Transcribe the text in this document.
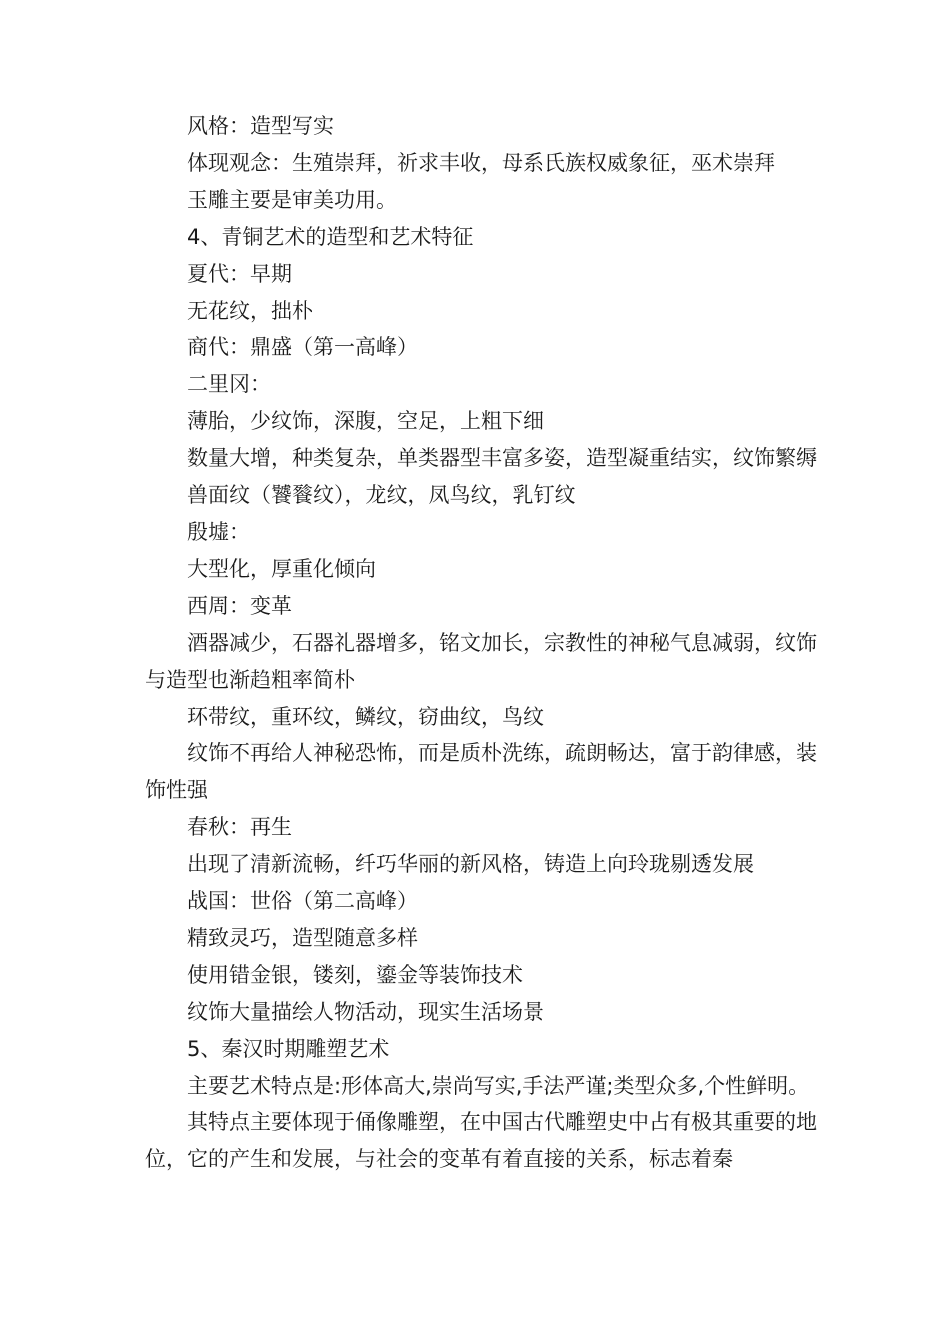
风格：造型写实

体现观念：生殖崇拜，祈求丰收，母系氏族权威象征，巫术崇拜

玉雕主要是审美功用。

4、青铜艺术的造型和艺术特征

夏代：早期

无花纹，拙朴

商代：鼎盛（第一高峰）

二里冈：

薄胎，少纹饰，深腹，空足，上粗下细

数量大增，种类复杂，单类器型丰富多姿，造型凝重结实，纹饰繁缛

兽面纹（饕餮纹），龙纹，凤鸟纹，乳钉纹

殷墟：

大型化，厚重化倾向

西周：变革

酒器减少，石器礼器增多，铭文加长，宗教性的神秘气息减弱，纹饰与造型也渐趋粗率简朴

环带纹，重环纹，鳞纹，窃曲纹，鸟纹

纹饰不再给人神秘恐怖，而是质朴洗练，疏朗畅达，富于韵律感，装饰性强

春秋：再生

出现了清新流畅，纤巧华丽的新风格，铸造上向玲珑剔透发展

战国：世俗（第二高峰）

精致灵巧，造型随意多样

使用错金银，镂刻，鎏金等装饰技术

纹饰大量描绘人物活动，现实生活场景

5、秦汉时期雕塑艺术

主要艺术特点是:形体高大,崇尚写实,手法严谨;类型众多,个性鲜明。

其特点主要体现于俑像雕塑，在中国古代雕塑史中占有极其重要的地位，它的产生和发展，与社会的变革有着直接的关系，标志着秦
